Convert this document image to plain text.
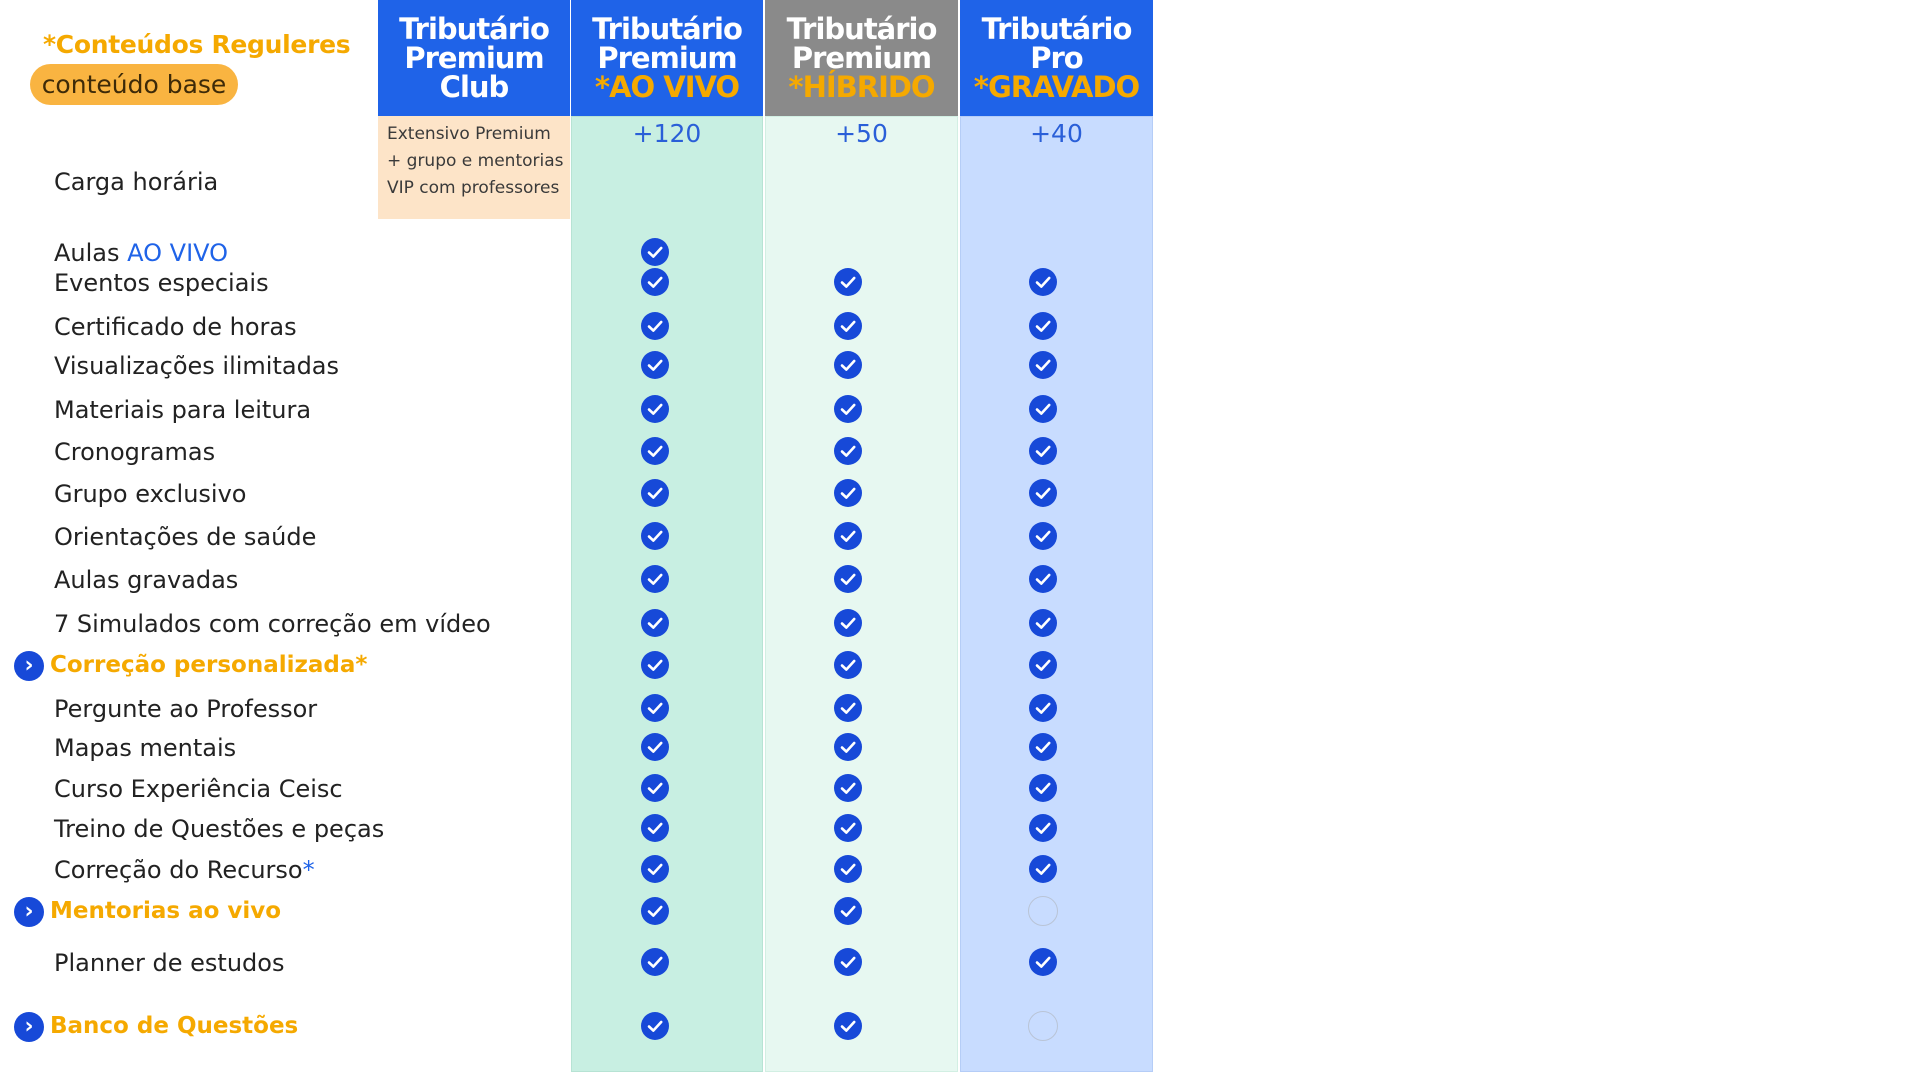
*Conteúdos Reguleres
conteúdo base
Tributário
Premium
Club
Tributário
Premium
*AO VIVO
Tributário
Premium
*HÍBRIDO
Tributário
Pro
*GRAVADO
Extensivo Premium + grupo e mentorias VIP com professores
+120	+50	+40
Carga horária
Aulas AO VIVO
Eventos especiais
Certificado de horas
Visualizações ilimitadas
Materiais para leitura
Cronogramas
Grupo exclusivo
Orientações de saúde
Aulas gravadas
7 Simulados com correção em vídeo
Correção personalizada*
›
Pergunte ao Professor
Mapas mentais
Curso Experiência Ceisc
Treino de Questões e peças
Correção do Recurso*
Mentorias ao vivo
›
Planner de estudos
Banco de Questões
›
